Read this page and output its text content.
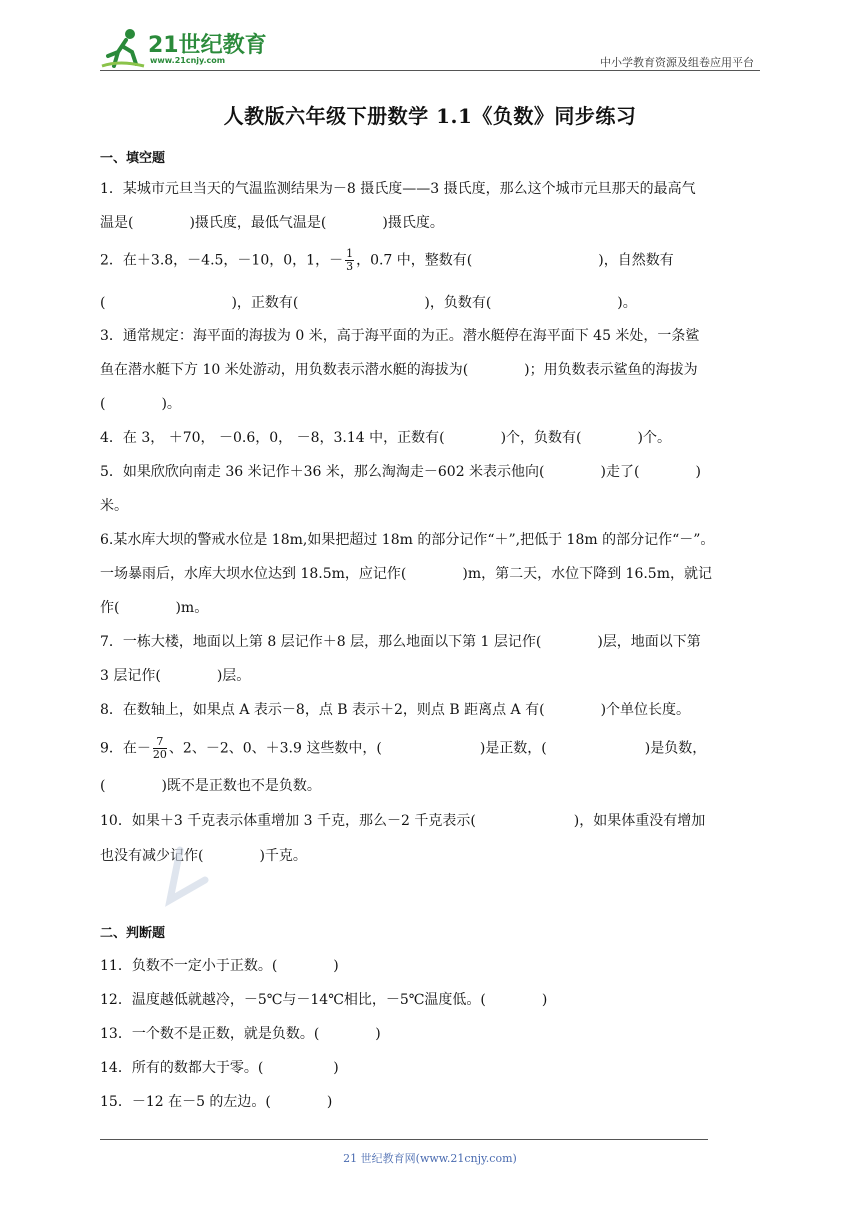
21世纪教育
www.21cnjy.com	中小学教育资源及组卷应用平台
人教版六年级下册数学 1.1《负数》同步练习
一、填空题
1．某城市元旦当天的气温监测结果为－8 摄氏度——3 摄氏度，那么这个城市元旦那天的最高气
温是(　　　　)摄氏度，最低气温是(　　　　)摄氏度。
2．在＋3.8，－4.5，－10，0，1，－ $\frac{1}{3}$ ，0.7 中，整数有(　　　　　　　　　)，自然数有
(　　　　　　　　　)，正数有(　　　　　　　　　)，负数有(　　　　　　　　　)。
3．通常规定：海平面的海拔为 0 米，高于海平面的为正。潜水艇停在海平面下 45 米处，一条鲨
鱼在潜水艇下方 10 米处游动，用负数表示潜水艇的海拔为(　　　　)；用负数表示鲨鱼的海拔为
(　　　　)。
4．在 3， ＋70， －0.6，0， －8，3.14 中，正数有(　　　　)个，负数有(　　　　)个。
5．如果欣欣向南走 36 米记作＋36 米，那么淘淘走－602 米表示他向(　　　　)走了(　　　　)
米。
6.某水库大坝的警戒水位是 18m,如果把超过 18m 的部分记作“＋”,把低于 18m 的部分记作“－”。
一场暴雨后，水库大坝水位达到 18.5m，应记作(　　　　)m，第二天，水位下降到 16.5m，就记
作(　　　　)m。
7．一栋大楼，地面以上第 8 层记作＋8 层，那么地面以下第 1 层记作(　　　　)层，地面以下第
3 层记作(　　　　)层。
8．在数轴上，如果点 A 表示－8，点 B 表示＋2，则点 B 距离点 A 有(　　　　)个单位长度。
9．在－ $\frac{7}{20}$ 、2、－2、0、＋3.9 这些数中，(　　　　　　　)是正数，(　　　　　　　)是负数，
(　　　　)既不是正数也不是负数。
10．如果＋3 千克表示体重增加 3 千克，那么－2 千克表示(　　　　　　　)，如果体重没有增加
也没有减少记作(　　　　)千克。
二、判断题
11．负数不一定小于正数。(　　　　)
12．温度越低就越冷，－5℃与－14℃相比，－5℃温度低。(　　　　)
13．一个数不是正数，就是负数。(　　　　)
14．所有的数都大于零。(　　　　　)
15．－12 在－5 的左边。(　　　　)
21 世纪教育网(www.21cnjy.com)
